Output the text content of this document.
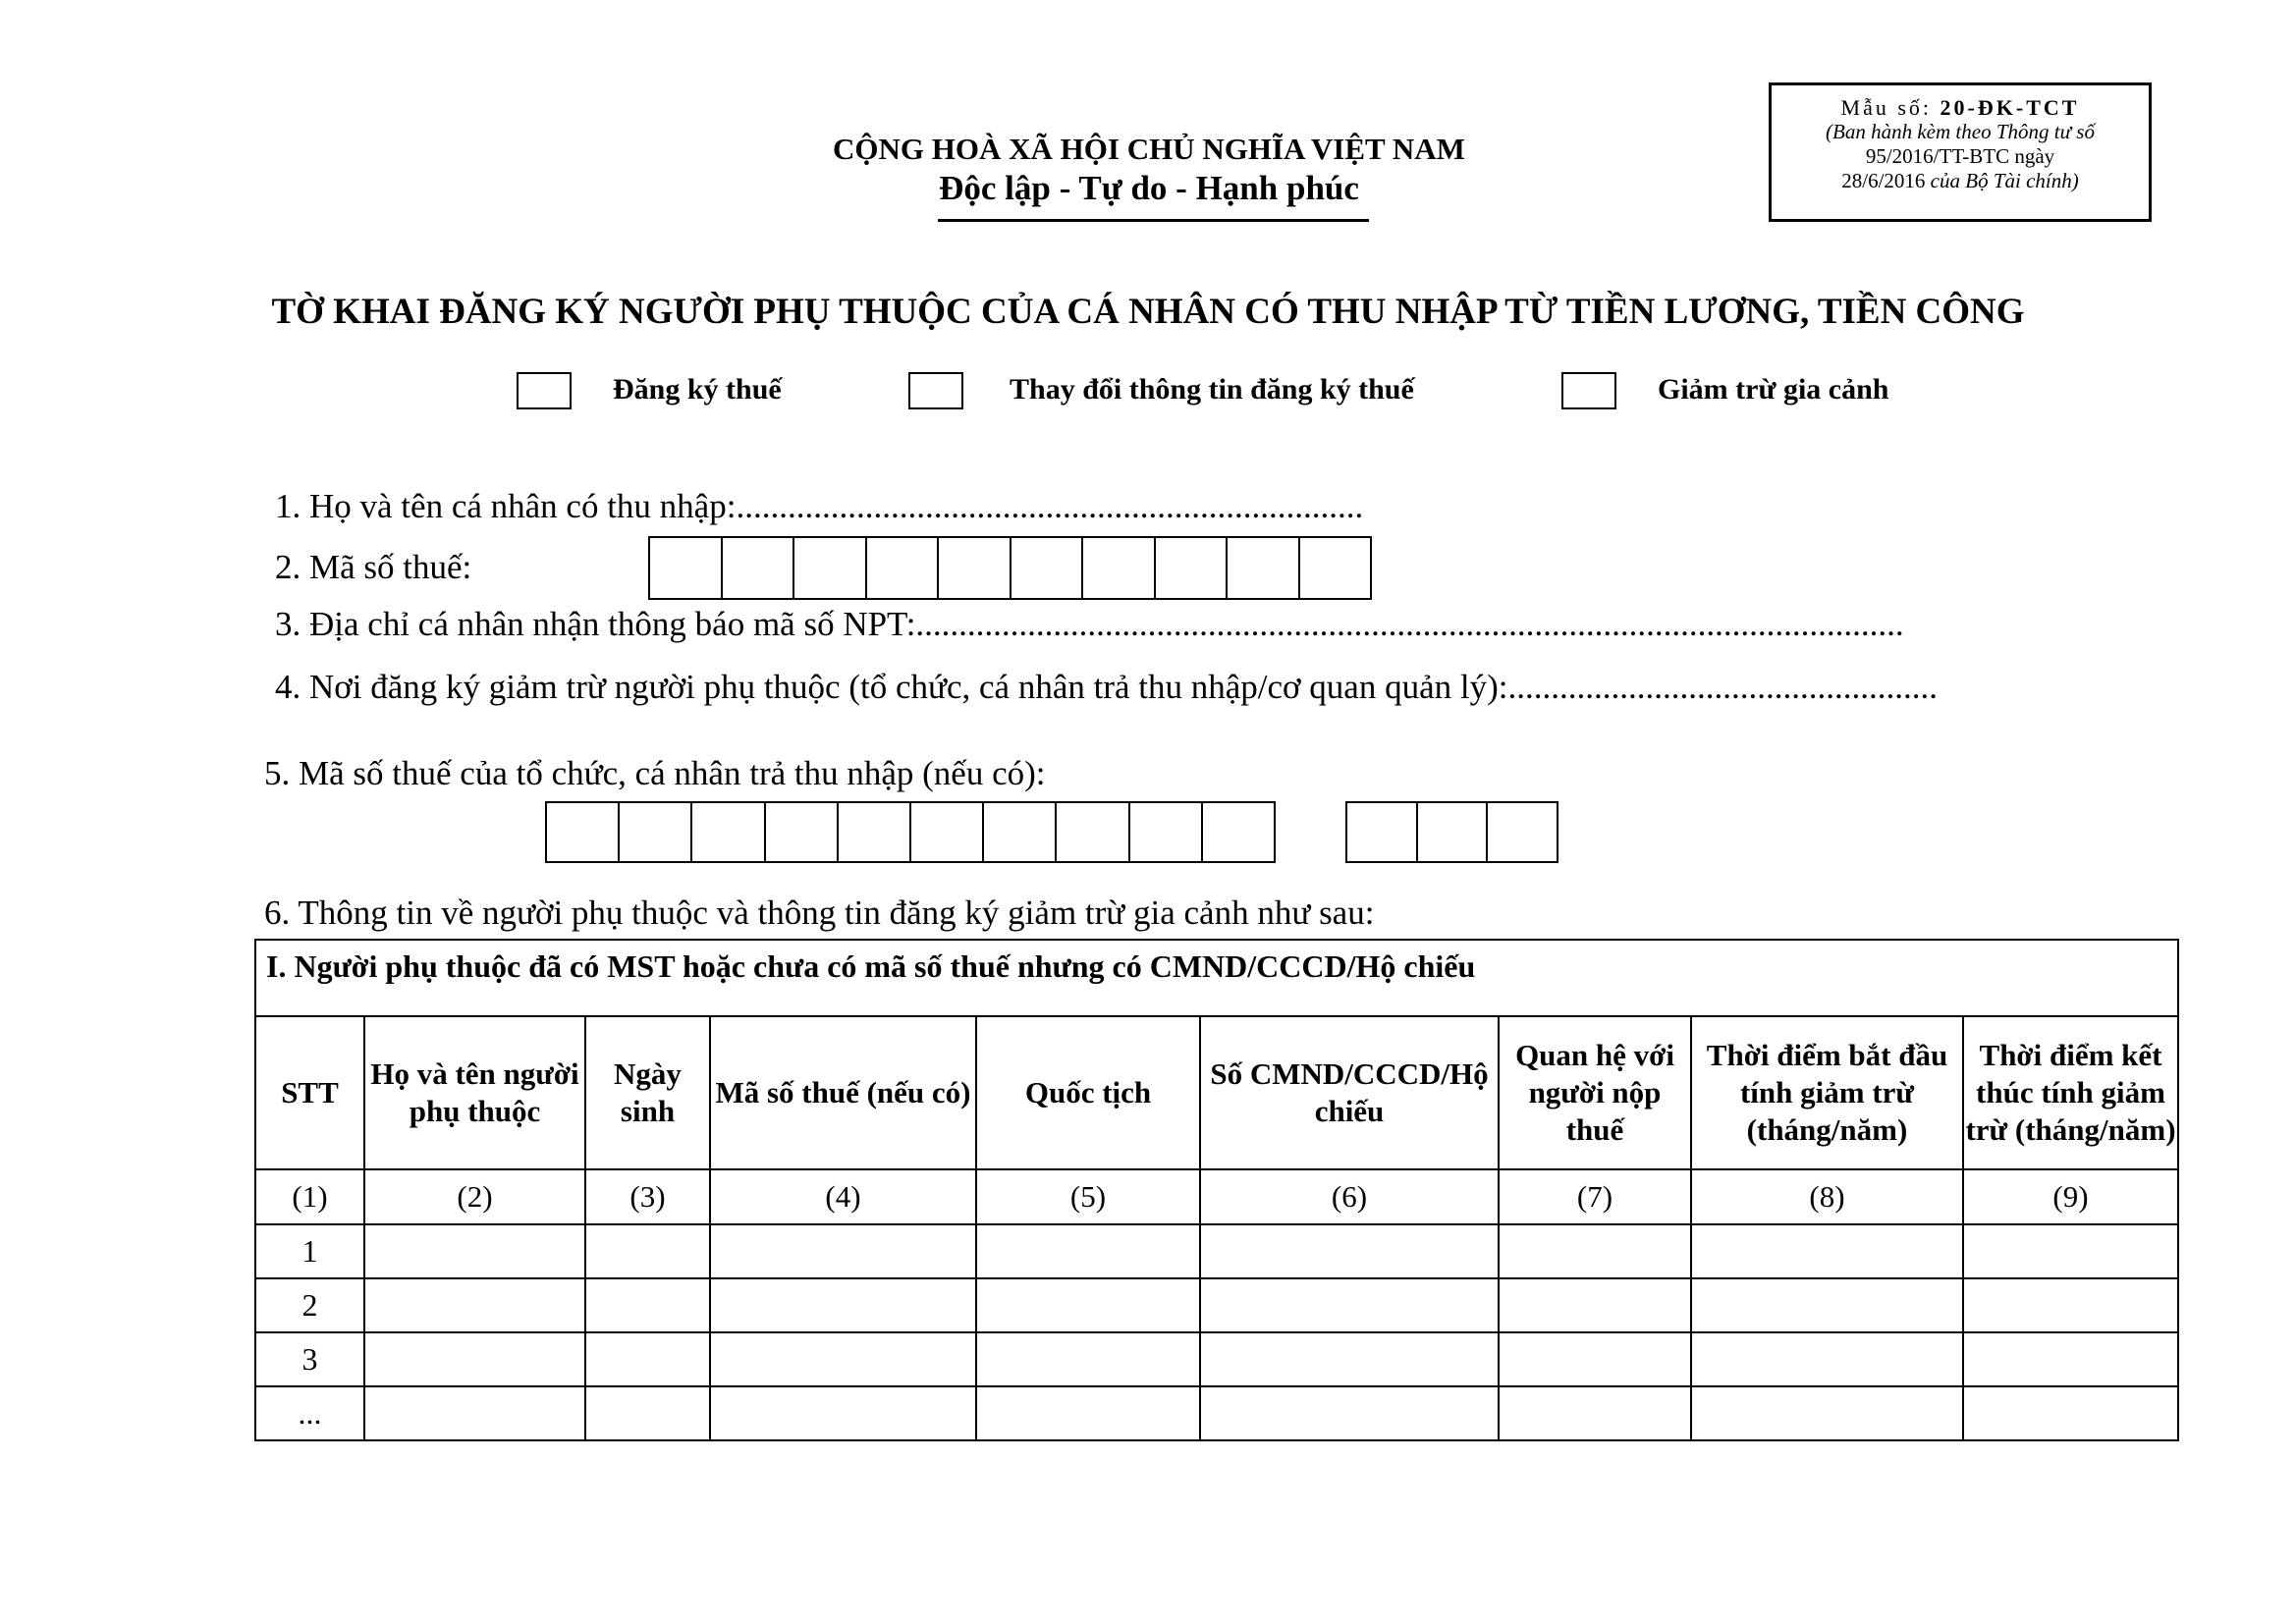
Mẫu số: 20-ĐK-TCT
(Ban hành kèm theo Thông tư số
95/2016/TT-BTC ngày
28/6/2016 của Bộ Tài chính)
CỘNG HOÀ XÃ HỘI CHỦ NGHĨA VIỆT NAM
Độc lập - Tự do - Hạnh phúc
TỜ KHAI ĐĂNG KÝ NGƯỜI PHỤ THUỘC CỦA CÁ NHÂN CÓ THU NHẬP TỪ TIỀN LƯƠNG, TIỀN CÔNG
Đăng ký thuế	Thay đổi thông tin đăng ký thuế	Giảm trừ gia cảnh
1. Họ và tên cá nhân có thu nhập:.........................................................................
2. Mã số thuế:
3. Địa chỉ cá nhân nhận thông báo mã số NPT:...................................................................................................................
4. Nơi đăng ký giảm trừ người phụ thuộc (tổ chức, cá nhân trả thu nhập/cơ quan quản lý):..................................................
5. Mã số thuế của tổ chức, cá nhân trả thu nhập (nếu có):
6. Thông tin về người phụ thuộc và thông tin đăng ký giảm trừ gia cảnh như sau:
I. Người phụ thuộc đã có MST hoặc chưa có mã số thuế nhưng có CMND/CCCD/Hộ chiếu								
STT	Họ và tên người phụ thuộc	Ngày sinh	Mã số thuế (nếu có)	Quốc tịch	Số CMND/CCCD/Hộ chiếu	Quan hệ với người nộp thuế	Thời điểm bắt đầu tính giảm trừ (tháng/năm)	Thời điểm kết thúc tính giảm trừ (tháng/năm)
(1)	(2)	(3)	(4)	(5)	(6)	(7)	(8)	(9)
1								
2								
3								
...								
